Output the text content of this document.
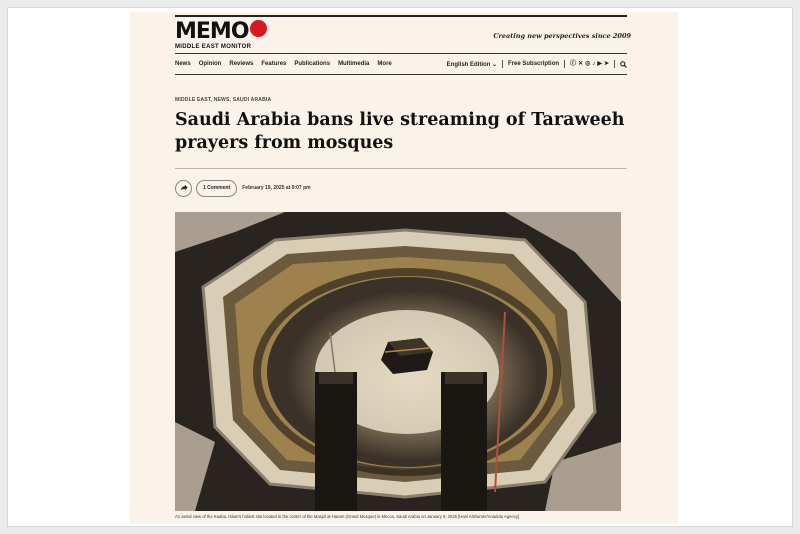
MEMO
MIDDLE EAST MONITOR
Creating new perspectives since 2009
News Opinion Reviews Features Publications Multimedia More	English Edition ⌄ Free Subscription ⓕ ✕ ◎ ♪ ▶ ➤
MIDDLE EAST, NEWS, SAUDI ARABIA
Saudi Arabia bans live streaming of Taraweeh prayers from mosques
1 Comment	February 19, 2025 at 9:07 pm
An aerial view of the Kaaba, Islam's holiest site located in the center of the Masjid al-Haram (Grand Mosque) in Mecca, Saudi Arabia on January 9, 2025 [Hani Alshamer/Anadolu Agency]
